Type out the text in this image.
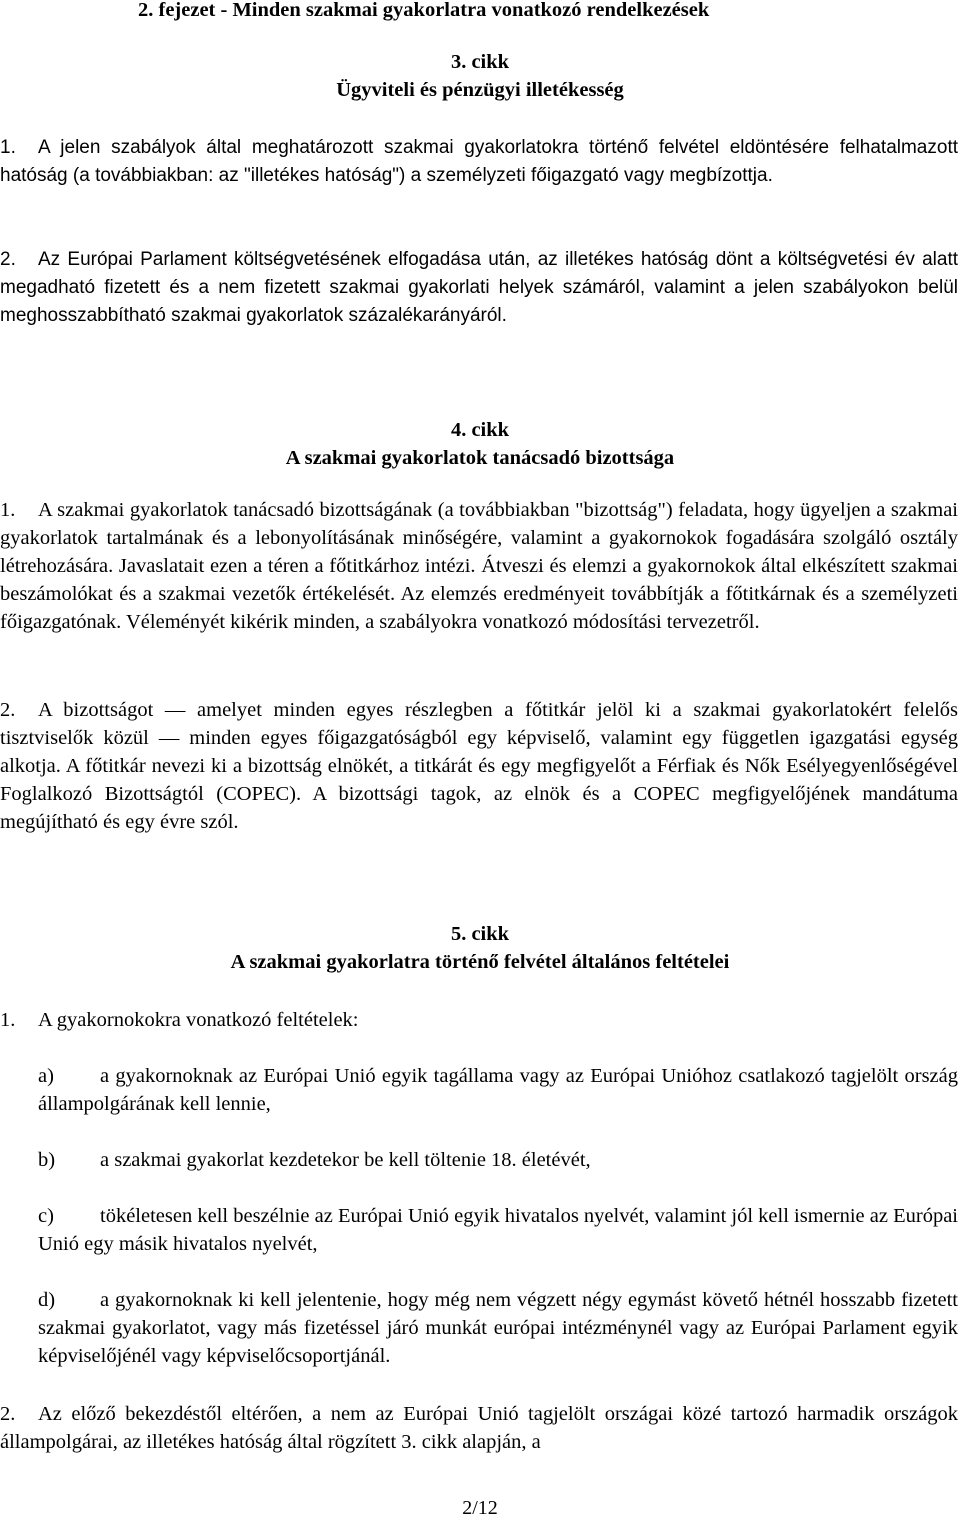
2. fejezet - Minden szakmai gyakorlatra vonatkozó rendelkezések
3. cikk
Ügyviteli és pénzügyi illetékesség

1. A jelen szabályok által meghatározott szakmai gyakorlatokra történő felvétel eldöntésére felhatalmazott hatóság (a továbbiakban: az "illetékes hatóság") a személyzeti főigazgató vagy megbízottja.

2. Az Európai Parlament költségvetésének elfogadása után, az illetékes hatóság dönt a költségvetési év alatt megadható fizetett és a nem fizetett szakmai gyakorlati helyek számáról, valamint a jelen szabályokon belül meghosszabbítható szakmai gyakorlatok százalékarányáról.

4. cikk
A szakmai gyakorlatok tanácsadó bizottsága

1. A szakmai gyakorlatok tanácsadó bizottságának (a továbbiakban "bizottság") feladata, hogy ügyeljen a szakmai gyakorlatok tartalmának és a lebonyolításának minőségére, valamint a gyakornokok fogadására szolgáló osztály létrehozására. Javaslatait ezen a téren a főtitkárhoz intézi. Átveszi és elemzi a gyakornokok által elkészített szakmai beszámolókat és a szakmai vezetők értékelését. Az elemzés eredményeit továbbítják a főtitkárnak és a személyzeti főigazgatónak. Véleményét kikérik minden, a szabályokra vonatkozó módosítási tervezetről.

2. A bizottságot — amelyet minden egyes részlegben a főtitkár jelöl ki a szakmai gyakorlatokért felelős tisztviselők közül — minden egyes főigazgatóságból egy képviselő, valamint egy független igazgatási egység alkotja. A főtitkár nevezi ki a bizottság elnökét, a titkárát és egy megfigyelőt a Férfiak és Nők Esélyegyenlőségével Foglalkozó Bizottságtól (COPEC). A bizottsági tagok, az elnök és a COPEC megfigyelőjének mandátuma megújítható és egy évre szól.

5. cikk
A szakmai gyakorlatra történő felvétel általános feltételei

1. A gyakornokokra vonatkozó feltételek:

a) a gyakornoknak az Európai Unió egyik tagállama vagy az Európai Unióhoz csatlakozó tagjelölt ország állampolgárának kell lennie,

b) a szakmai gyakorlat kezdetekor be kell töltenie 18. életévét,

c) tökéletesen kell beszélnie az Európai Unió egyik hivatalos nyelvét, valamint jól kell ismernie az Európai Unió egy másik hivatalos nyelvét,

d) a gyakornoknak ki kell jelentenie, hogy még nem végzett négy egymást követő hétnél hosszabb fizetett szakmai gyakorlatot, vagy más fizetéssel járó munkát európai intézménynél vagy az Európai Parlament egyik képviselőjénél vagy képviselőcsoportjánál.

2. Az előző bekezdéstől eltérően, a nem az Európai Unió tagjelölt országai közé tartozó harmadik országok állampolgárai, az illetékes hatóság által rögzített 3. cikk alapján, a

2/12
